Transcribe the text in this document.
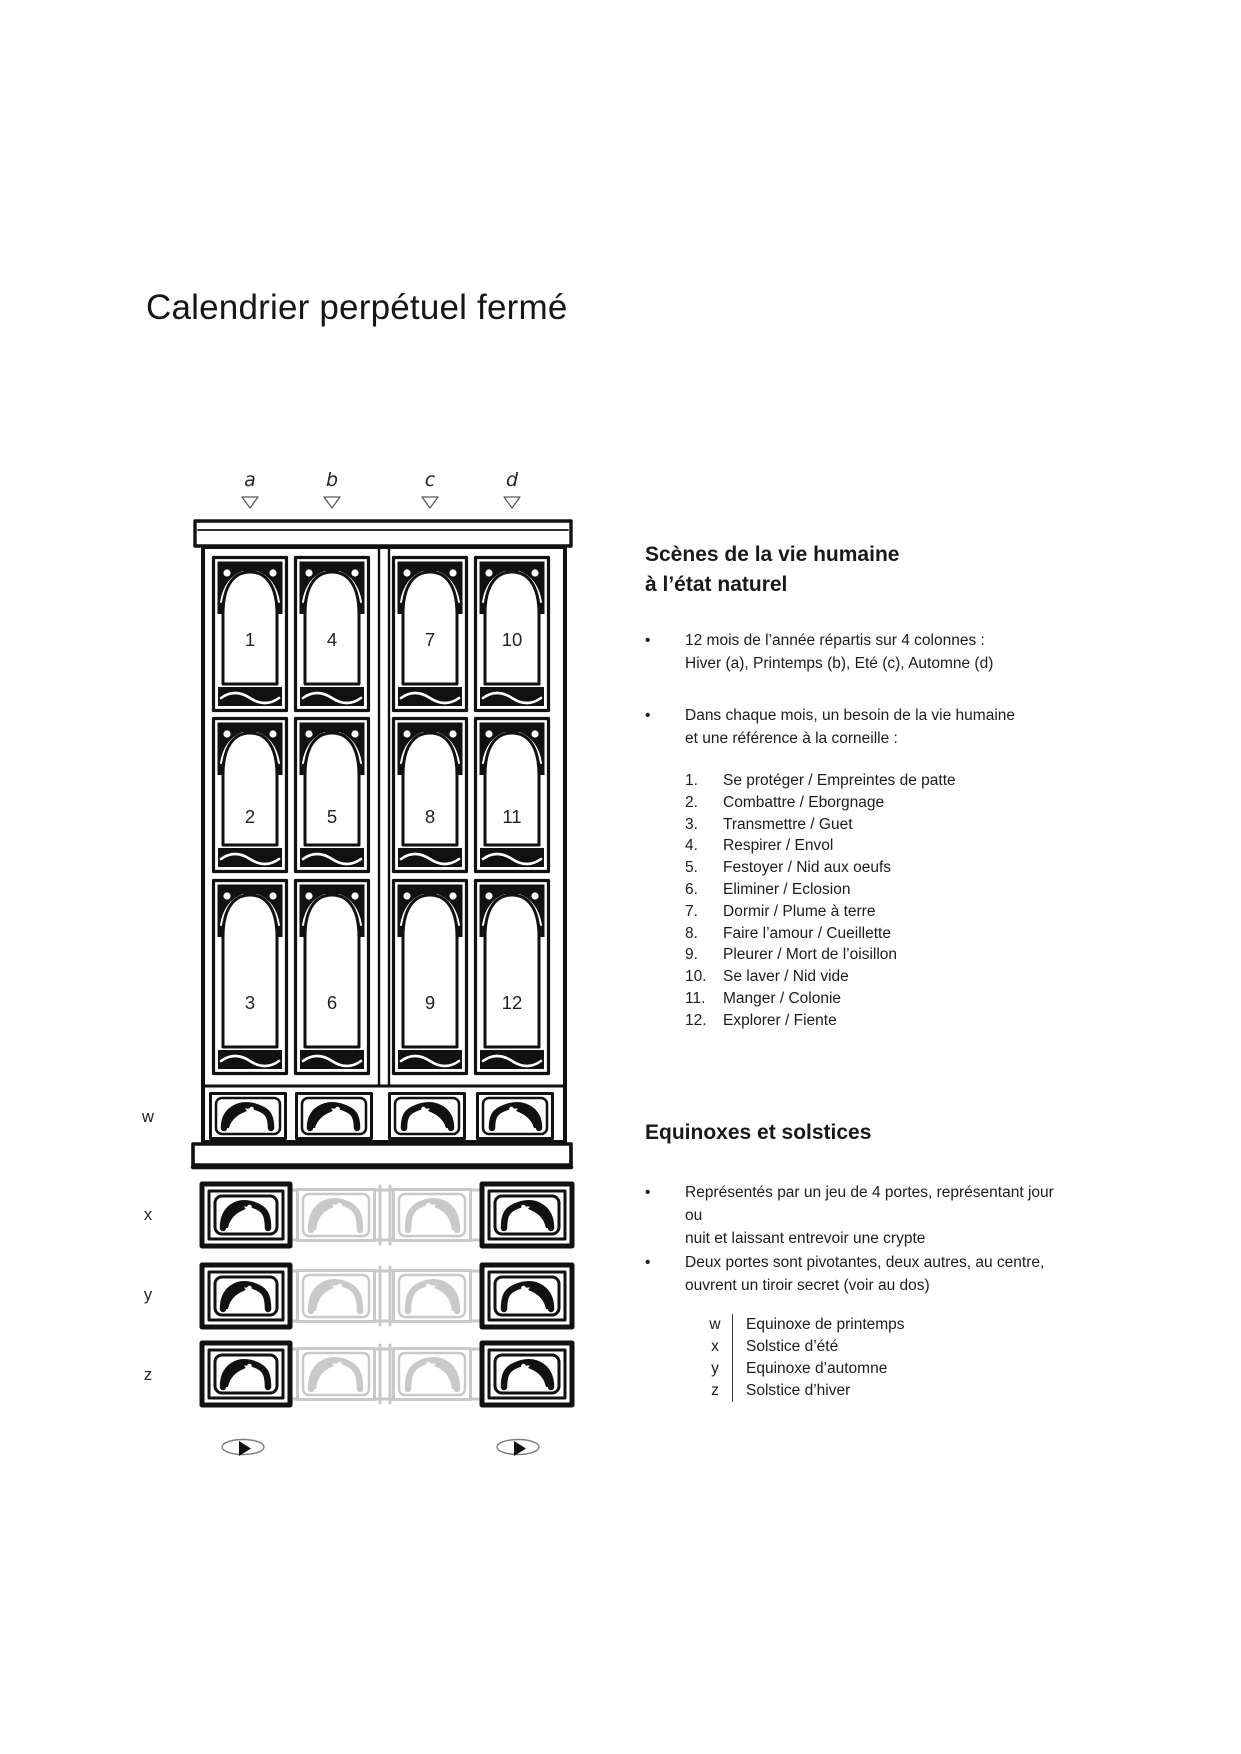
Calendrier perpétuel fermé
a	b	c	d
w
x
y
z
1
2
3
4
5
6
7
8
9
10
11
12
Scènes de la vie humaine
à l’état naturel
•	12 mois de l’année répartis sur 4 colonnes :
Hiver (a), Printemps (b), Eté (c), Automne (d)
•	Dans chaque mois, un besoin de la vie humaine
et une référence à la corneille :
1.	Se protéger / Empreintes de patte
2.	Combattre / Eborgnage
3.	Transmettre / Guet
4.	Respirer / Envol
5.	Festoyer / Nid aux oeufs
6.	Eliminer / Eclosion
7.	Dormir / Plume à terre
8.	Faire l’amour / Cueillette
9.	Pleurer / Mort de l’oisillon
10.	Se laver / Nid vide
11.	Manger / Colonie
12.	Explorer / Fiente
Equinoxes et solstices
•	Représentés par un jeu de 4 portes, représentant jour ou
nuit et laissant entrevoir une crypte
•	Deux portes sont pivotantes, deux autres, au centre,
ouvrent un tiroir secret (voir au dos)
w	Equinoxe de printemps
x	Solstice d’été
y	Equinoxe d’automne
z	Solstice d’hiver
